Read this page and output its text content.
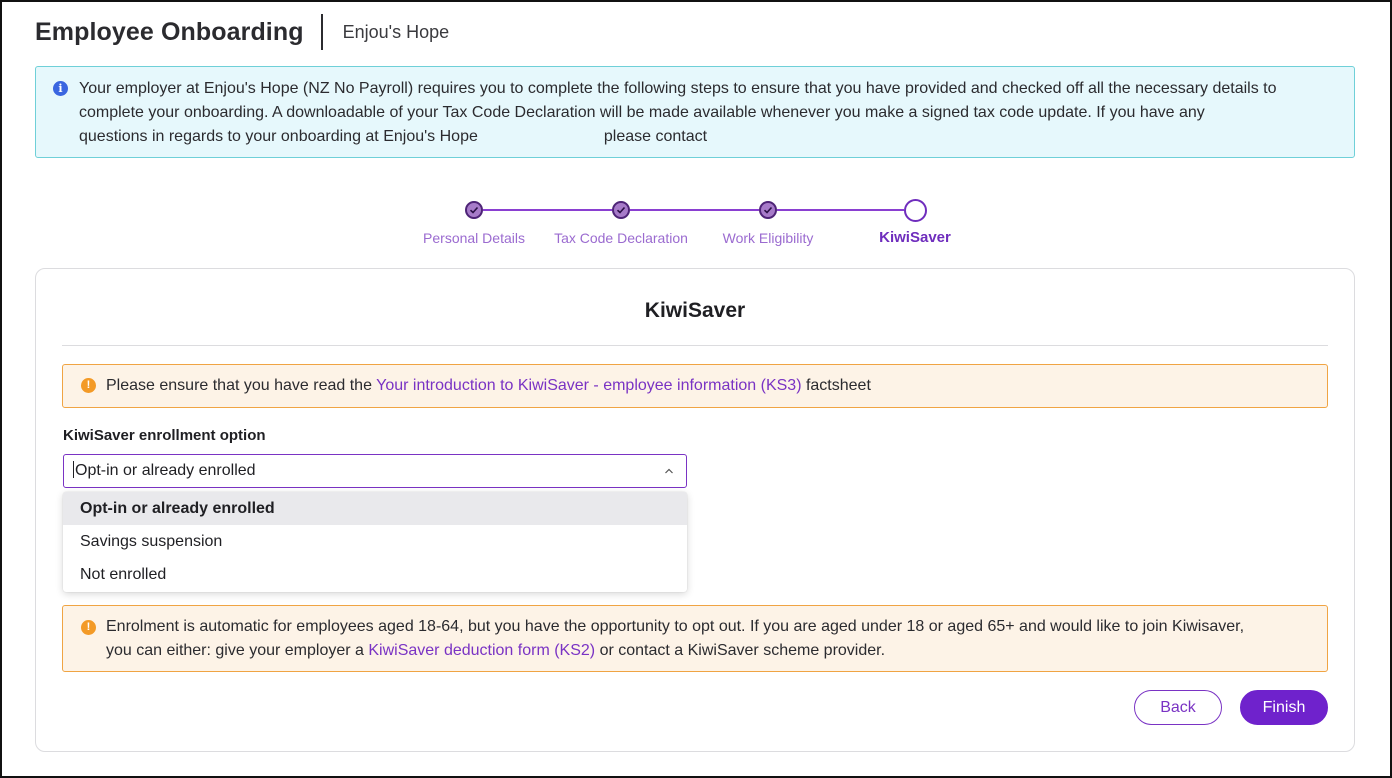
Employee Onboarding Enjou's Hope
i	Your employer at Enjou's Hope (NZ No Payroll) requires you to complete the following steps to ensure that you have provided and checked off all the necessary details to
complete your onboarding. A downloadable of your Tax Code Declaration will be made available whenever you make a signed tax code update. If you have any
questions in regards to your onboarding at Enjou's Hope	please contact
Personal Details Tax Code Declaration Work Eligibility	KiwiSaver
KiwiSaver
! Please ensure that you have read the Your introduction to KiwiSaver - employee information (KS3) factsheet
KiwiSaver enrollment option
Opt-in or already enrolled
Opt-in or already enrolled
Savings suspension
Not enrolled
! Enrolment is automatic for employees aged 18-64, but you have the opportunity to opt out. If you are aged under 18 or aged 65+ and would like to join Kiwisaver,
you can either: give your employer a KiwiSaver deduction form (KS2) or contact a KiwiSaver scheme provider.
Back	Finish
